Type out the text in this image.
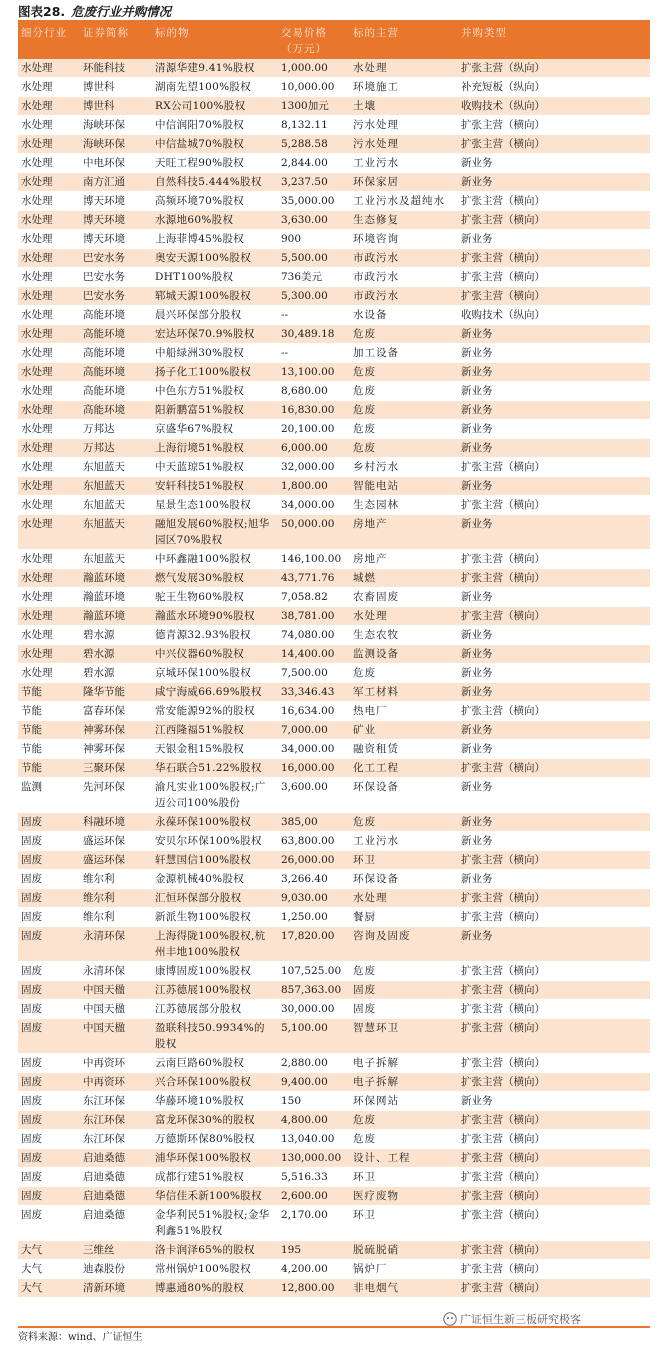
图表28. 危废行业并购情况
细分行业	证券简称	标的物	交易价格（万元）	标的主营	并购类型
水处理	环能科技	清源华建9.41%股权	1,000.00	水处理	扩张主营（纵向）
水处理	博世科	湖南先望100%股权	10,000.00	环境施工	补充短板（纵向）
水处理	博世科	RX公司100%股权	1300加元	土壤	收购技术（纵向）
水处理	海峡环保	中信润阳70%股权	8,132.11	污水处理	扩张主营（横向）
水处理	海峡环保	中信盐城70%股权	5,288.58	污水处理	扩张主营（横向）
水处理	中电环保	天旺工程90%股权	2,844.00	工业污水	新业务
水处理	南方汇通	自然科技5.444%股权	3,237.50	环保家居	新业务
水处理	博天环境	高频环境70%股权	35,000.00	工业污水及超纯水	扩张主营（横向）
水处理	博天环境	水源地60%股权	3,630.00	生态修复	扩张主营（横向）
水处理	博天环境	上海菲博45%股权	900	环境咨询	新业务
水处理	巴安水务	奥安天源100%股权	5,500.00	市政污水	扩张主营（横向）
水处理	巴安水务	DHT100%股权	736美元	市政污水	扩张主营（横向）
水处理	巴安水务	郓城天源100%股权	5,300.00	市政污水	扩张主营（横向）
水处理	高能环境	晨兴环保部分股权	--	水设备	收购技术（纵向）
水处理	高能环境	宏达环保70.9%股权	30,489.18	危废	新业务
水处理	高能环境	中船绿洲30%股权	--	加工设备	新业务
水处理	高能环境	扬子化工100%股权	13,100.00	危废	新业务
水处理	高能环境	中色东方51%股权	8,680.00	危废	新业务
水处理	高能环境	阳新鹏富51%股权	16,830.00	危废	新业务
水处理	万邦达	京盛华67%股权	20,100.00	危废	新业务
水处理	万邦达	上海衍境51%股权	6,000.00	危废	新业务
水处理	东旭蓝天	中天蓝琼51%股权	32,000.00	乡村污水	扩张主营（横向）
水处理	东旭蓝天	安轩科技51%股权	1,800.00	智能电站	新业务
水处理	东旭蓝天	星景生态100%股权	34,000.00	生态园林	扩张主营（横向）
水处理	东旭蓝天	融旭发展60%股权;旭华园区70%股权	50,000.00	房地产	新业务
水处理	东旭蓝天	中环鑫融100%股权	146,100.00	房地产	扩张主营（横向）
水处理	瀚蓝环境	燃气发展30%股权	43,771.76	城燃	扩张主营（横向）
水处理	瀚蓝环境	驼王生物60%股权	7,058.82	农畜固废	新业务
水处理	瀚蓝环境	瀚蓝水环境90%股权	38,781.00	水处理	扩张主营（横向）
水处理	碧水源	德青源32.93%股权	74,080.00	生态农牧	新业务
水处理	碧水源	中兴仪器60%股权	14,400.00	监测设备	新业务
水处理	碧水源	京城环保100%股权	7,500.00	危废	新业务
节能	隆华节能	咸宁海威66.69%股权	33,346.43	军工材料	新业务
节能	富春环保	常安能源92%的股权	16,634.00	热电厂	扩张主营（横向）
节能	神雾环保	江西隆福51%股权	7,000.00	矿业	新业务
节能	神雾环保	天银金租15%股权	34,000.00	融资租赁	新业务
节能	三聚环保	华石联合51.22%股权	16,000.00	化工工程	扩张主营（横向）
监测	先河环保	渝凡实业100%股权;广迈公司100%股份	3,600.00	环保设备	新业务
固废	科融环境	永葆环保100%股权	385,00	危废	新业务
固废	盛运环保	安贝尔环保100%股权	63,800.00	工业污水	新业务
固废	盛运环保	轩慧国信100%股权	26,000.00	环卫	扩张主营（横向）
固废	维尔利	金源机械40%股权	3,266.40	环保设备	新业务
固废	维尔利	汇恒环保部分股权	9,030.00	水处理	扩张主营（横向）
固废	维尔利	新派生物100%股权	1,250.00	餐厨	扩张主营（横向）
固废	永清环保	上海得陇100%股权,杭州丰地100%股权	17,820.00	咨询及固废	新业务
固废	永清环保	康博固废100%股权	107,525.00	危废	扩张主营（横向）
固废	中国天楹	江苏德展100%股权	857,363.00	固废	扩张主营（横向）
固废	中国天楹	江苏德展部分股权	30,000.00	固废	扩张主营（横向）
固废	中国天楹	盈联科技50.9934%的股权	5,100.00	智慧环卫	扩张主营（横向）
固废	中再资环	云南巨路60%股权	2,880.00	电子拆解	扩张主营（横向）
固废	中再资环	兴合环保100%股权	9,400.00	电子拆解	扩张主营（横向）
固废	东江环保	华藤环境10%股权	150	环保网站	新业务
固废	东江环保	富龙环保30%的股权	4,800.00	危废	扩张主营（横向）
固废	东江环保	万德斯环保80%股权	13,040.00	危废	扩张主营（横向）
固废	启迪桑德	浦华环保100%股权	130,000.00	设计、工程	扩张主营（横向）
固废	启迪桑德	成都行建51%股权	5,516.33	环卫	扩张主营（横向）
固废	启迪桑德	华信佳禾新100%股权	2,600.00	医疗废物	扩张主营（横向）
固废	启迪桑德	金华利民51%股权;金华利鑫51%股权	2,170.00	环卫	扩张主营（横向）
大气	三维丝	洛卡润泽65%的股权	195	脱硫脱硝	扩张主营（横向）
大气	迪森股份	常州锅炉100%股权	4,200.00	锅炉厂	扩张主营（横向）
大气	清新环境	博惠通80%的股权	12,800.00	非电烟气	扩张主营（横向）
广证恒生新三板研究极客
资料来源：wind、广证恒生
